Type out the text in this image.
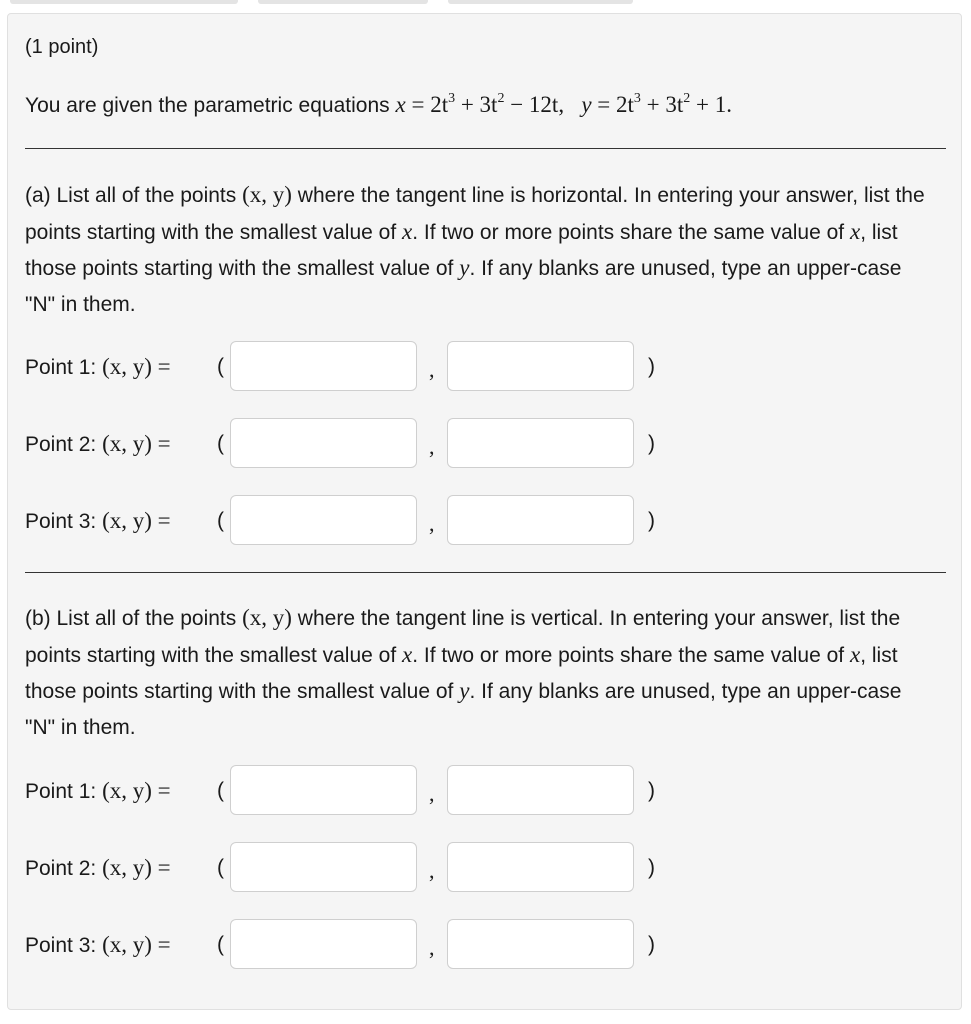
(1 point)
You are given the parametric equations $x = 2t^3 + 3t^2 - 12t$, $y = 2t^3 + 3t^2 + 1$.
(a) List all of the points (x, y) where the tangent line is horizontal. In entering your answer, list the points starting with the smallest value of x. If two or more points share the same value of x, list those points starting with the smallest value of y. If any blanks are unused, type an upper-case "N" in them.
Point 1: (x, y) = (	,	)
Point 2: (x, y) = (	,	)
Point 3: (x, y) = (	,	)
(b) List all of the points (x, y) where the tangent line is vertical. In entering your answer, list the points starting with the smallest value of x. If two or more points share the same value of x, list those points starting with the smallest value of y. If any blanks are unused, type an upper-case "N" in them.
Point 1: (x, y) = (	,	)
Point 2: (x, y) = (	,	)
Point 3: (x, y) = (	,	)
